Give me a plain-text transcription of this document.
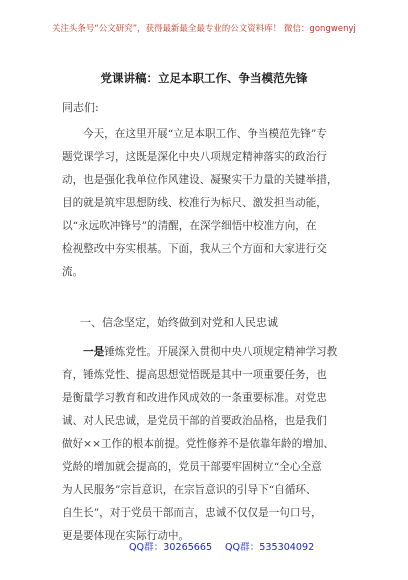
关注头条号“公文研究”，获得最新最全最专业的公文资料库！ 微信：gongwenyj
党课讲稿：立足本职工作、争当模范先锋
同志们:
今天，在这里开展“立足本职工作、争当模范先锋”专
题党课学习，这既是深化中央八项规定精神落实的政治行
动，也是强化我单位作风建设、凝聚实干力量的关键举措，
目的就是筑牢思想防线、校准行为标尺、激发担当动能，
以“永远吹冲锋号”的清醒，在深学细悟中校准方向，在
检视整改中夯实根基。下面，我从三个方面和大家进行交
流。
一、信念坚定，始终做到对党和人民忠诚
一是锤炼党性。开展深入贯彻中央八项规定精神学习教
育，锤炼党性、提高思想觉悟既是其中一项重要任务，也
是衡量学习教育和改进作风成效的一条重要标准。对党忠
诚、对人民忠诚，是党员干部的首要政治品格，也是我们
做好××工作的根本前提。党性修养不是依靠年龄的增加、
党龄的增加就会提高的，党员干部要牢固树立“全心全意
为人民服务”宗旨意识，在宗旨意识的引导下“自循环、
自生长”，对于党员干部而言，忠诚不仅仅是一句口号，
更是要体现在实际行动中。
QQ群：30265665 QQ群：535304092
